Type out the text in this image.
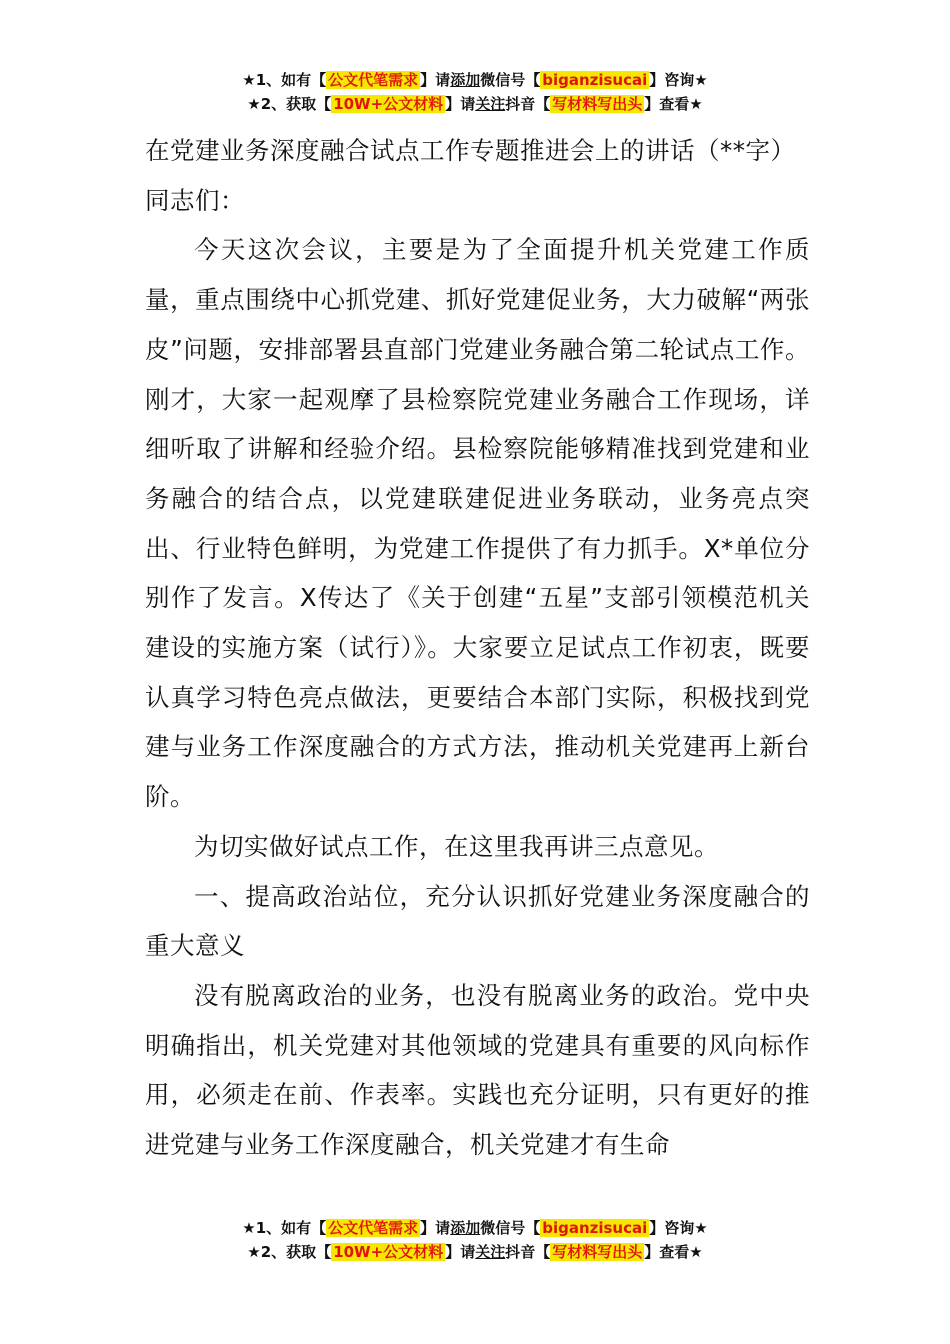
★1、如有【 公文代笔需求 】请添加微信号【 biganzisucai 】咨询★
★2、获取【 10W+公文材料 】请关注抖音【 写材料写出头 】查看★

在党建业务深度融合试点工作专题推进会上的讲话（**字）

同志们：

今天这次会议，主要是为了全面提升机关党建工作质量，重点围绕中心抓党建、抓好党建促业务，大力破解“两张皮”问题，安排部署县直部门党建业务融合第二轮试点工作。刚才，大家一起观摩了县检察院党建业务融合工作现场，详细听取了讲解和经验介绍。县检察院能够精准找到党建和业务融合的结合点，以党建联建促进业务联动，业务亮点突出、行业特色鲜明，为党建工作提供了有力抓手。X*单位分别作了发言。X传达了《关于创建“五星”支部引领模范机关建设的实施方案（试行）》。大家要立足试点工作初衷，既要认真学习特色亮点做法，更要结合本部门实际，积极找到党建与业务工作深度融合的方式方法，推动机关党建再上新台阶。

为切实做好试点工作，在这里我再讲三点意见。

一、提高政治站位，充分认识抓好党建业务深度融合的重大意义

没有脱离政治的业务，也没有脱离业务的政治。党中央明确指出，机关党建对其他领域的党建具有重要的风向标作用，必须走在前、作表率。实践也充分证明，只有更好的推进党建与业务工作深度融合，机关党建才有生命

★1、如有【 公文代笔需求 】请添加微信号【 biganzisucai 】咨询★
★2、获取【 10W+公文材料 】请关注抖音【 写材料写出头 】查看★
